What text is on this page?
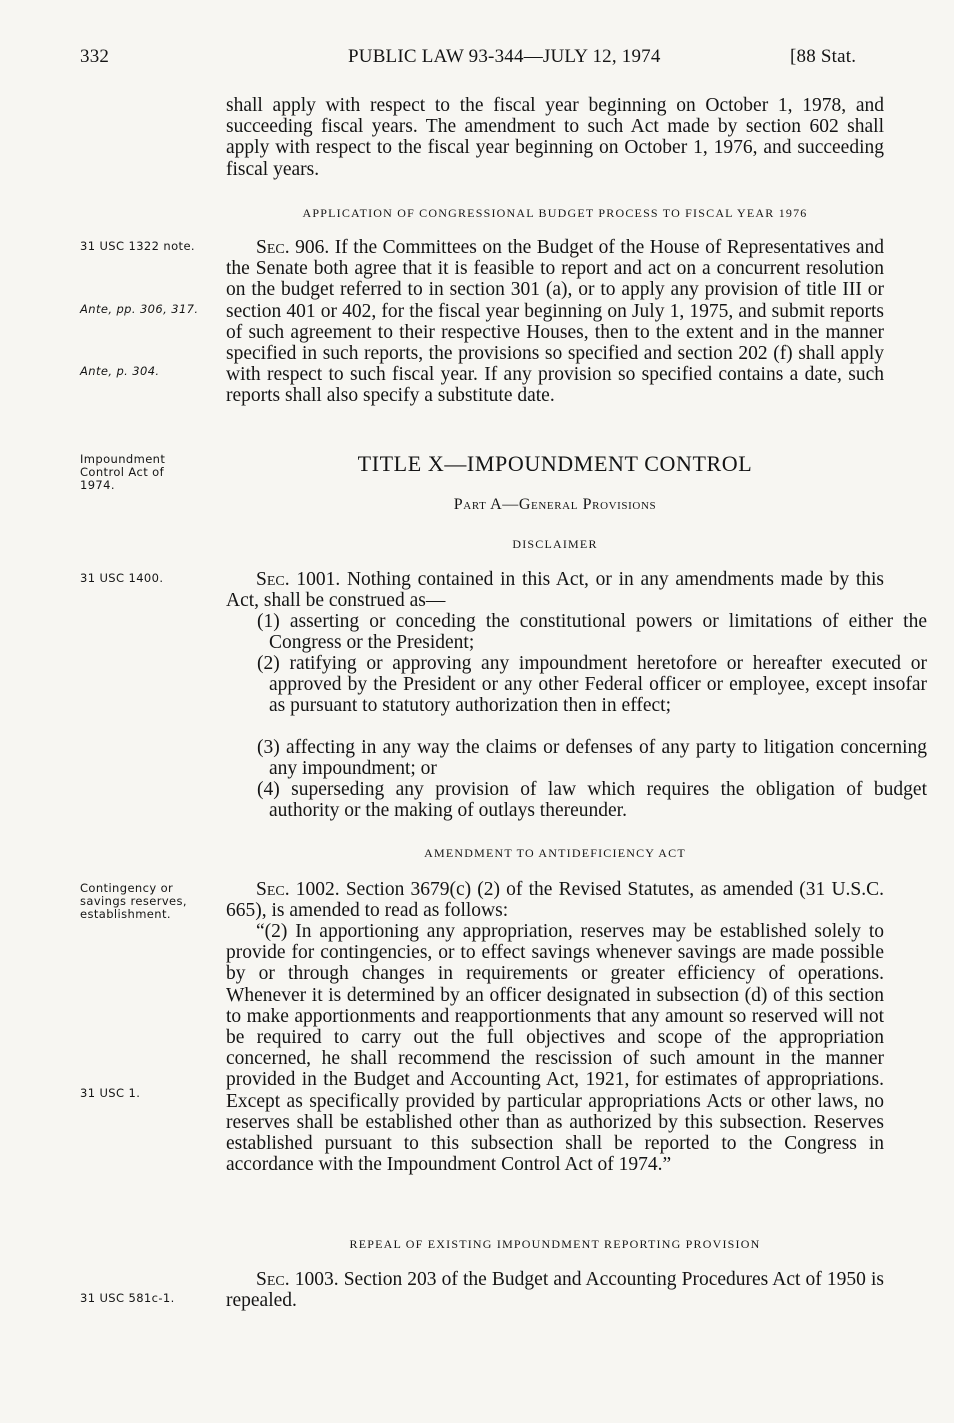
332	PUBLIC LAW 93-344—JULY 12, 1974	[88 Stat.

shall apply with respect to the fiscal year beginning on October 1, 1978, and succeeding fiscal years. The amendment to such Act made by section 602 shall apply with respect to the fiscal year beginning on October 1, 1976, and succeeding fiscal years.

APPLICATION OF CONGRESSIONAL BUDGET PROCESS TO FISCAL YEAR 1976

Sec. 906. If the Committees on the Budget of the House of Representatives and the Senate both agree that it is feasible to report and act on a concurrent resolution on the budget referred to in section 301 (a), or to apply any provision of title III or section 401 or 402, for the fiscal year beginning on July 1, 1975, and submit reports of such agreement to their respective Houses, then to the extent and in the manner specified in such reports, the provisions so specified and section 202 (f) shall apply with respect to such fiscal year. If any provision so specified contains a date, such reports shall also specify a substitute date.

TITLE X—IMPOUNDMENT CONTROL

Part A—General Provisions

DISCLAIMER

Sec. 1001. Nothing contained in this Act, or in any amendments made by this Act, shall be construed as—

(1) asserting or conceding the constitutional powers or limitations of either the Congress or the President;

(2) ratifying or approving any impoundment heretofore or hereafter executed or approved by the President or any other Federal officer or employee, except insofar as pursuant to statutory authorization then in effect;

(3) affecting in any way the claims or defenses of any party to litigation concerning any impoundment; or

(4) superseding any provision of law which requires the obligation of budget authority or the making of outlays thereunder.

AMENDMENT TO ANTIDEFICIENCY ACT

Sec. 1002. Section 3679(c) (2) of the Revised Statutes, as amended (31 U.S.C. 665), is amended to read as follows:

“(2) In apportioning any appropriation, reserves may be established solely to provide for contingencies, or to effect savings whenever savings are made possible by or through changes in requirements or greater efficiency of operations. Whenever it is determined by an officer designated in subsection (d) of this section to make apportionments and reapportionments that any amount so reserved will not be required to carry out the full objectives and scope of the appropriation concerned, he shall recommend the rescission of such amount in the manner provided in the Budget and Accounting Act, 1921, for estimates of appropriations. Except as specifically provided by particular appropriations Acts or other laws, no reserves shall be established other than as authorized by this subsection. Reserves established pursuant to this subsection shall be reported to the Congress in accordance with the Impoundment Control Act of 1974.”

REPEAL OF EXISTING IMPOUNDMENT REPORTING PROVISION

Sec. 1003. Section 203 of the Budget and Accounting Procedures Act of 1950 is repealed.

31 USC 1322 note.
Ante, pp. 306, 317.
Ante, p. 304.
Impoundment Control Act of 1974.
31 USC 1400.
Contingency or savings reserves, establishment.
31 USC 1.
31 USC 581c-1.
